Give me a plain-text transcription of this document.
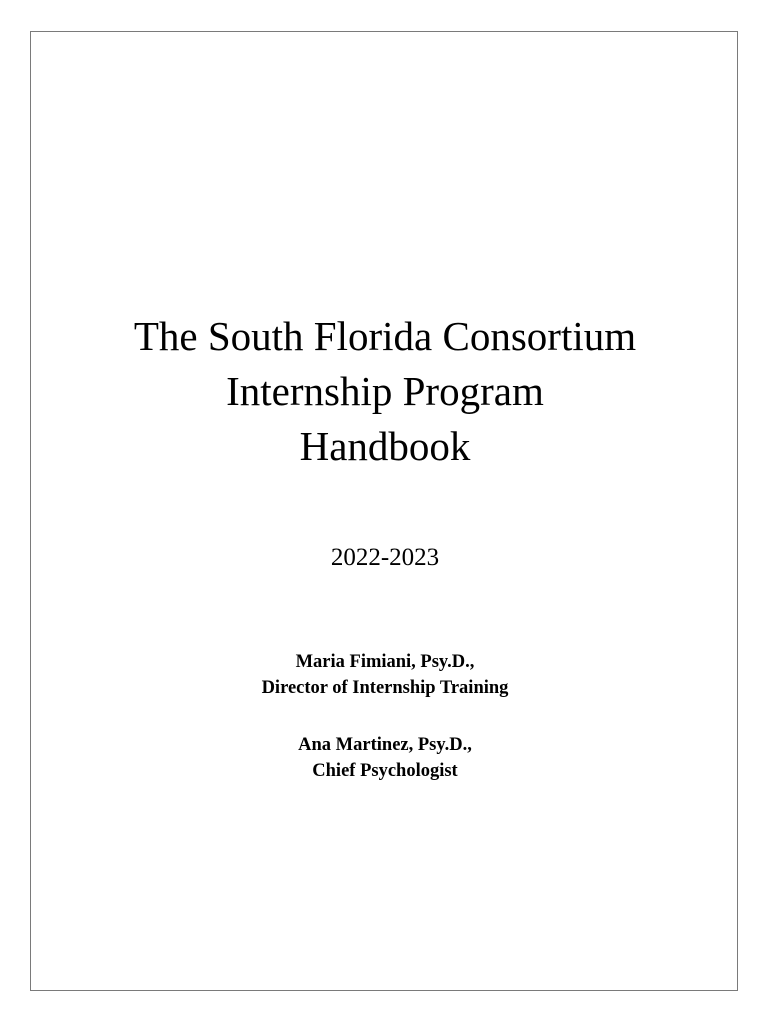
The South Florida Consortium
Internship Program
Handbook
2022-2023
Maria Fimiani, Psy.D.,
Director of Internship Training
Ana Martinez, Psy.D.,
Chief Psychologist
